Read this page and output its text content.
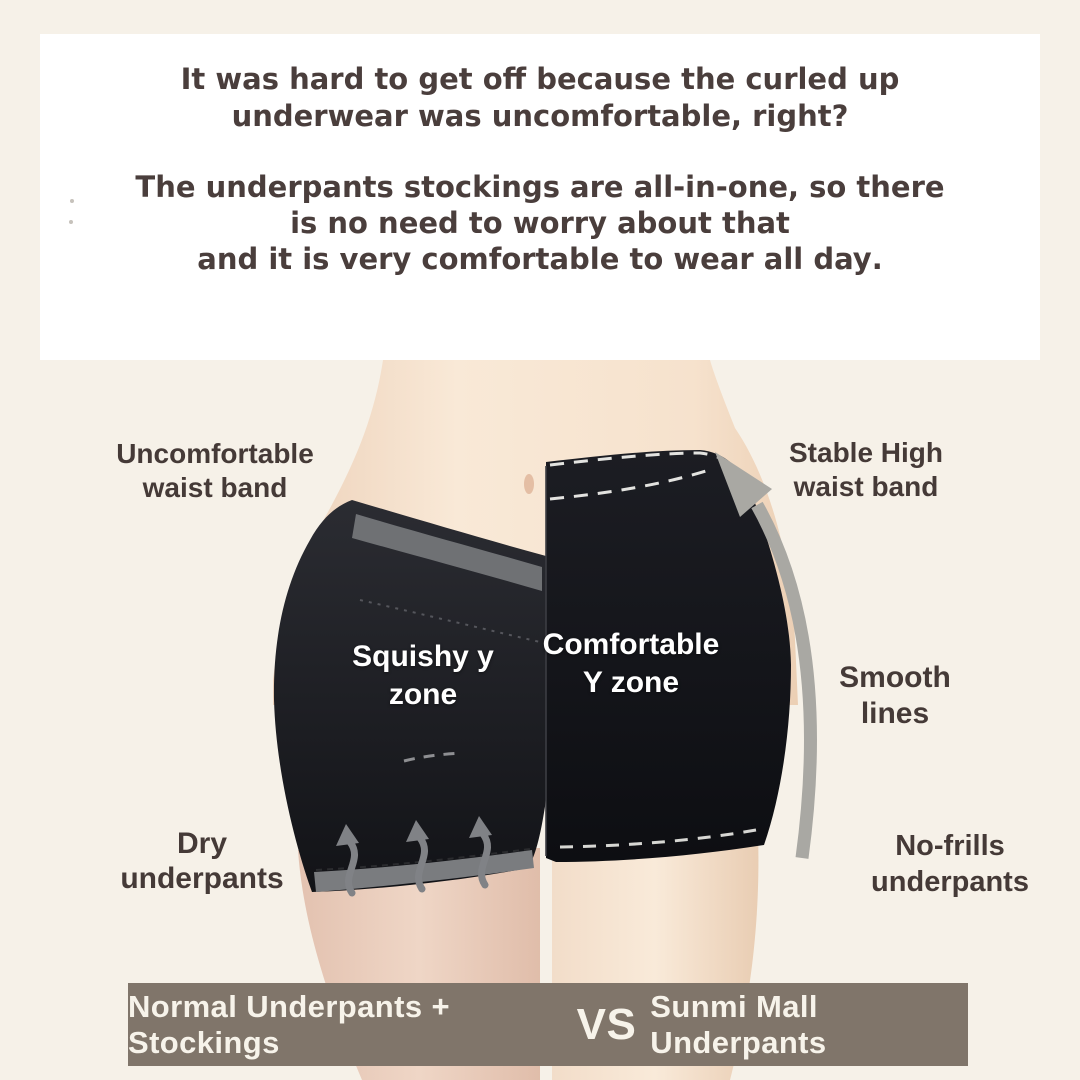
It was hard to get off because the curled up
underwear was uncomfortable, right?

The underpants stockings are all-in-one, so there
is no need to worry about that
and it is very comfortable to wear all day.

Uncomfortable
waist band
Stable High
waist band
Smooth
lines
Dry
underpants
No-frills
underpants
Squishy y
zone
Comfortable
Y zone
Normal Underpants + Stockings	VS Sunmi Mall Underpants
